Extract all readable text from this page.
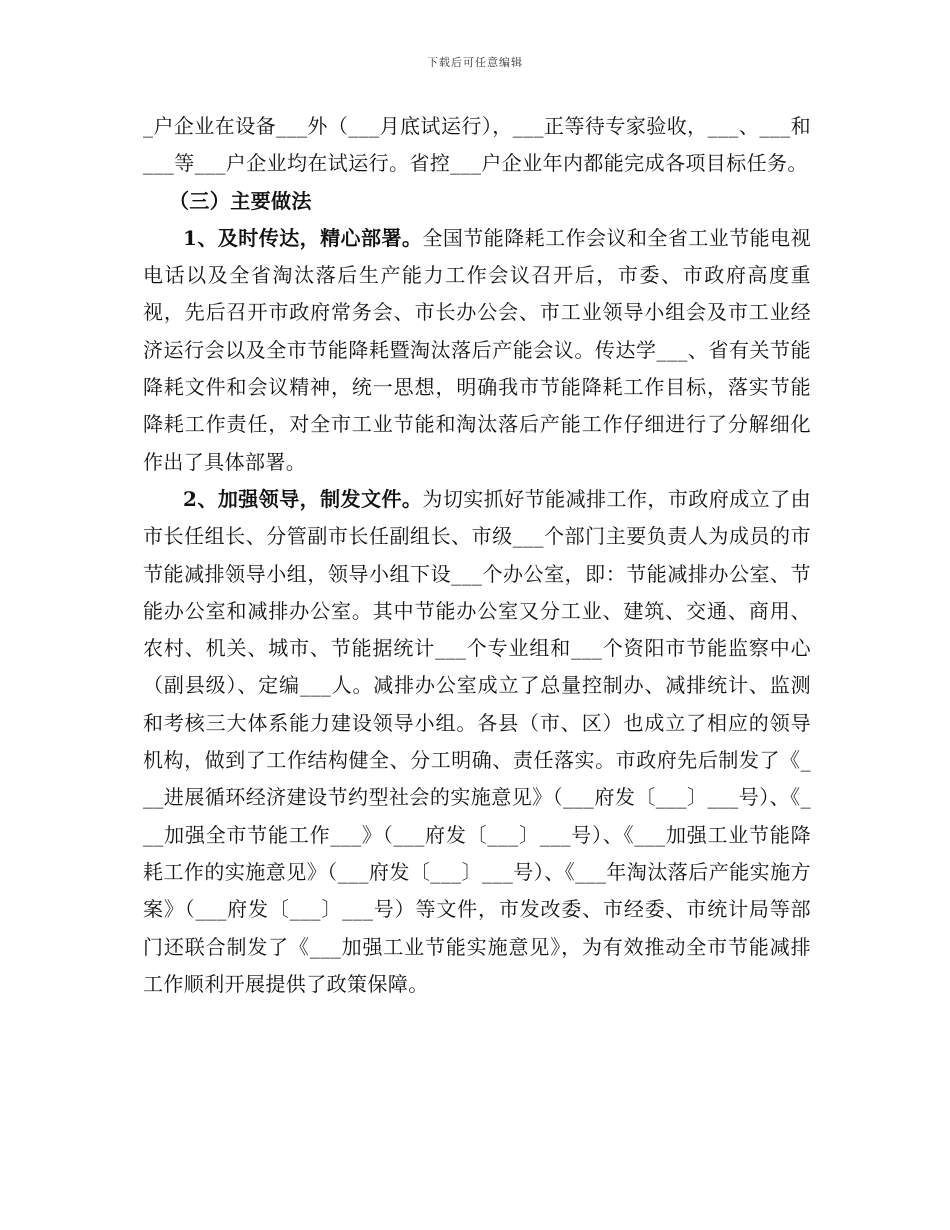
下载后可任意编辑

_户企业在设备___外（___月底试运行），___正等待专家验收，___、___和___等___户企业均在试运行。省控___户企业年内都能完成各项目标任务。

（三）主要做法

1、及时传达，精心部署。全国节能降耗工作会议和全省工业节能电视电话以及全省淘汰落后生产能力工作会议召开后，市委、市政府高度重视，先后召开市政府常务会、市长办公会、市工业领导小组会及市工业经济运行会以及全市节能降耗暨淘汰落后产能会议。传达学___、省有关节能降耗文件和会议精神，统一思想，明确我市节能降耗工作目标，落实节能降耗工作责任，对全市工业节能和淘汰落后产能工作仔细进行了分解细化作出了具体部署。

2、加强领导，制发文件。为切实抓好节能减排工作，市政府成立了由市长任组长、分管副市长任副组长、市级___个部门主要负责人为成员的市节能减排领导小组，领导小组下设___个办公室，即：节能减排办公室、节能办公室和减排办公室。其中节能办公室又分工业、建筑、交通、商用、农村、机关、城市、节能据统计___个专业组和___个资阳市节能监察中心（副县级）、定编___人。减排办公室成立了总量控制办、减排统计、监测和考核三大体系能力建设领导小组。各县（市、区）也成立了相应的领导机构，做到了工作结构健全、分工明确、责任落实。市政府先后制发了《___进展循环经济建设节约型社会的实施意见》（___府发〔___〕___号）、《___加强全市节能工作___》（___府发〔___〕___号）、《___加强工业节能降耗工作的实施意见》（___府发〔___〕___号）、《___年淘汰落后产能实施方案》（___府发〔___〕___号）等文件，市发改委、市经委、市统计局等部门还联合制发了《___加强工业节能实施意见》，为有效推动全市节能减排工作顺利开展提供了政策保障。
